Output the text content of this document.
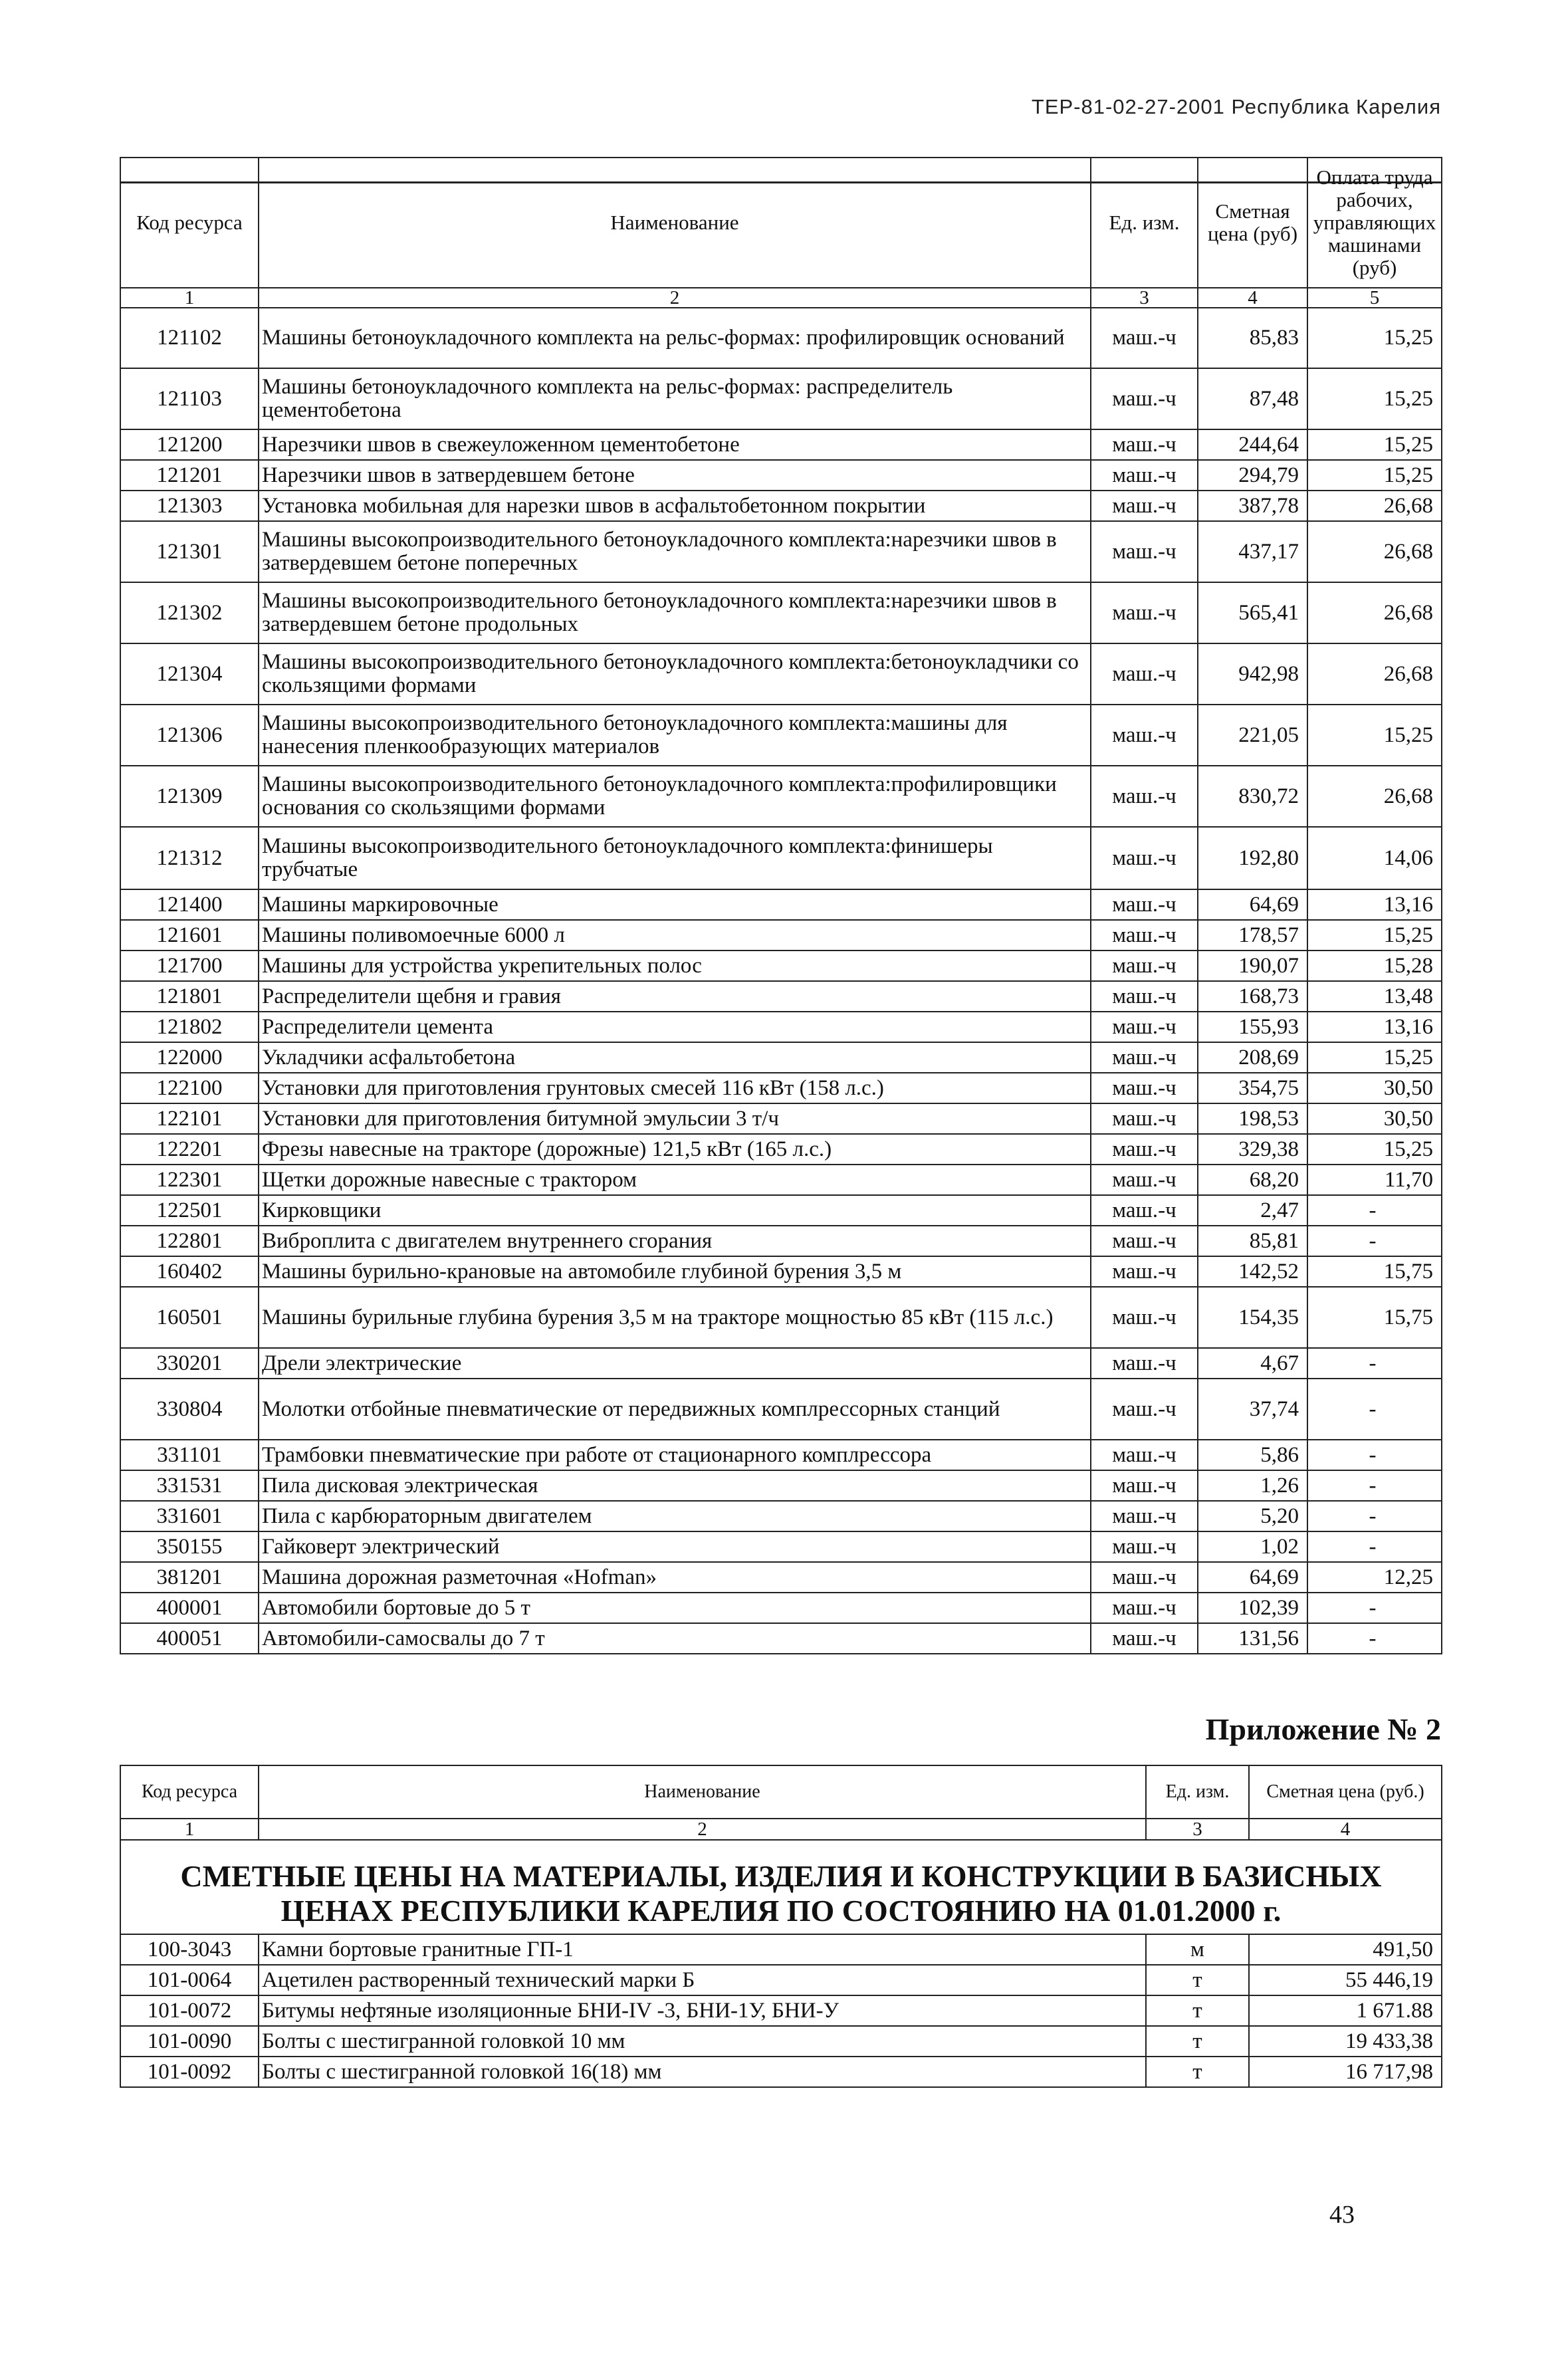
ТЕР-81-02-27-2001 Республика Карелия
Код ресурса	Наименование	Ед. изм.	Сметная цена (руб)	Оплата труда рабочих, управляющих машинами (руб)
1	2	3	4	5
121102	Машины бетоноукладочного комплекта на рельс-формах: профилировщик оснований	маш.-ч	85,83	15,25
121103	Машины бетоноукладочного комплекта на рельс-формах: распределитель цементобетона	маш.-ч	87,48	15,25
121200	Нарезчики швов в свежеуложенном цементобетоне	маш.-ч	244,64	15,25
121201	Нарезчики швов в затвердевшем бетоне	маш.-ч	294,79	15,25
121303	Установка мобильная для нарезки швов в асфальтобетонном покрытии	маш.-ч	387,78	26,68
121301	Машины высокопроизводительного бетоноукладочного комплекта:нарезчики швов в затвердевшем бетоне поперечных	маш.-ч	437,17	26,68
121302	Машины высокопроизводительного бетоноукладочного комплекта:нарезчики швов в затвердевшем бетоне продольных	маш.-ч	565,41	26,68
121304	Машины высокопроизводительного бетоноукладочного комплекта:бетоноукладчики со скользящими формами	маш.-ч	942,98	26,68
121306	Машины высокопроизводительного бетоноукладочного комплекта:машины для нанесения пленкообразующих материалов	маш.-ч	221,05	15,25
121309	Машины высокопроизводительного бетоноукладочного комплекта:профилировщики основания со скользящими формами	маш.-ч	830,72	26,68
121312	Машины высокопроизводительного бетоноукладочного комплекта:финишеры трубчатые	маш.-ч	192,80	14,06
121400	Машины маркировочные	маш.-ч	64,69	13,16
121601	Машины поливомоечные 6000 л	маш.-ч	178,57	15,25
121700	Машины для устройства укрепительных полос	маш.-ч	190,07	15,28
121801	Распределители щебня и гравия	маш.-ч	168,73	13,48
121802	Распределители цемента	маш.-ч	155,93	13,16
122000	Укладчики асфальтобетона	маш.-ч	208,69	15,25
122100	Установки для приготовления грунтовых смесей 116 кВт (158 л.с.)	маш.-ч	354,75	30,50
122101	Установки для приготовления битумной эмульсии 3 т/ч	маш.-ч	198,53	30,50
122201	Фрезы навесные на тракторе (дорожные) 121,5 кВт (165 л.с.)	маш.-ч	329,38	15,25
122301	Щетки дорожные навесные с трактором	маш.-ч	68,20	11,70
122501	Кирковщики	маш.-ч	2,47	-
122801	Виброплита с двигателем внутреннего сгорания	маш.-ч	85,81	-
160402	Машины бурильно-крановые на автомобиле глубиной бурения 3,5 м	маш.-ч	142,52	15,75
160501	Машины бурильные глубина бурения 3,5 м на тракторе мощностью 85 кВт (115 л.с.)	маш.-ч	154,35	15,75
330201	Дрели электрические	маш.-ч	4,67	-
330804	Молотки отбойные пневматические от передвижных комплрессорных станций	маш.-ч	37,74	-
331101	Трамбовки пневматические при работе от стационарного комплрессора	маш.-ч	5,86	-
331531	Пила дисковая электрическая	маш.-ч	1,26	-
331601	Пила с карбюраторным двигателем	маш.-ч	5,20	-
350155	Гайковерт электрический	маш.-ч	1,02	-
381201	Машина дорожная разметочная «Hofman»	маш.-ч	64,69	12,25
400001	Автомобили бортовые до 5 т	маш.-ч	102,39	-
400051	Автомобили-самосвалы до 7 т	маш.-ч	131,56	-
Приложение № 2
Код ресурса	Наименование	Ед. изм.	Сметная цена (руб.)
1	2	3	4
СМЕТНЫЕ ЦЕНЫ НА МАТЕРИАЛЫ, ИЗДЕЛИЯ И КОНСТРУКЦИИ В БАЗИСНЫХ ЦЕНАХ РЕСПУБЛИКИ КАРЕЛИЯ ПО СОСТОЯНИЮ НА 01.01.2000 г.			
100-3043	Камни бортовые гранитные ГП-1	м	491,50
101-0064	Ацетилен растворенный технический марки Б	т	55 446,19
101-0072	Битумы нефтяные изоляционные БНИ-IV -3, БНИ-1У, БНИ-У	т	1 671.88
101-0090	Болты с шестигранной головкой 10 мм	т	19 433,38
101-0092	Болты с шестигранной головкой 16(18) мм	т	16 717,98
43
